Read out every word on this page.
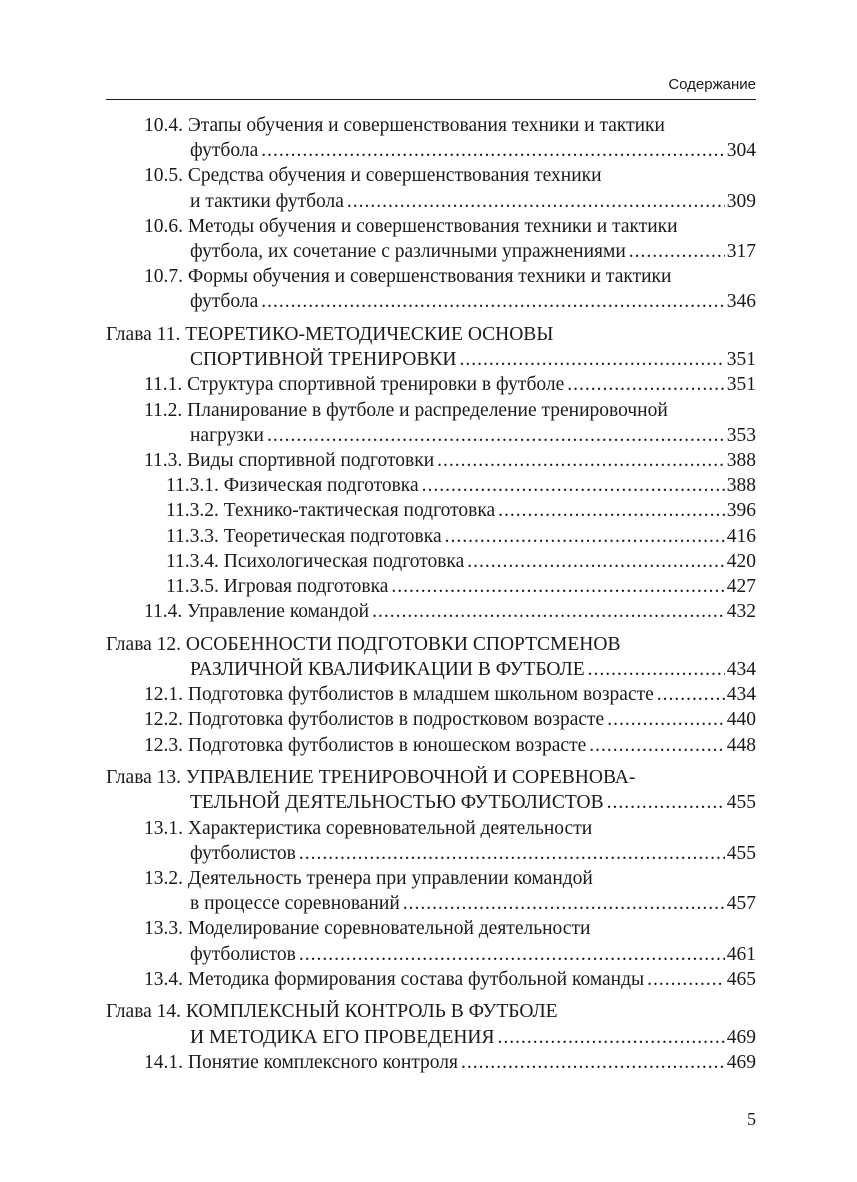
Содержание
10.4. Этапы обучения и совершенствования техники и тактики
футбола .....	304
10.5. Средства обучения и совершенствования техники
и тактики футбола .....	309
10.6. Методы обучения и совершенствования техники и тактики
футбола, их сочетание с различными упражнениями .....	317
10.7. Формы обучения и совершенствования техники и тактики
футбола .....	346
Глава 11. ТЕОРЕТИКО-МЕТОДИЧЕСКИЕ ОСНОВЫ
СПОРТИВНОЙ ТРЕНИРОВКИ .....	351
11.1. Структура спортивной тренировки в футболе .....	351
11.2. Планирование в футболе и распределение тренировочной
нагрузки .....	353
11.3. Виды спортивной подготовки .....	388
11.3.1. Физическая подготовка .....	388
11.3.2. Технико-тактическая подготовка .....	396
11.3.3. Теоретическая подготовка .....	416
11.3.4. Психологическая подготовка .....	420
11.3.5. Игровая подготовка .....	427
11.4. Управление командой .....	432
Глава 12. ОСОБЕННОСТИ ПОДГОТОВКИ СПОРТСМЕНОВ
РАЗЛИЧНОЙ КВАЛИФИКАЦИИ В ФУТБОЛЕ .....	434
12.1. Подготовка футболистов в младшем школьном возрасте .....	434
12.2. Подготовка футболистов в подростковом возрасте .....	440
12.3. Подготовка футболистов в юношеском возрасте .....	448
Глава 13. УПРАВЛЕНИЕ ТРЕНИРОВОЧНОЙ И СОРЕВНОВА-
ТЕЛЬНОЙ ДЕЯТЕЛЬНОСТЬЮ ФУТБОЛИСТОВ .....	455
13.1. Характеристика соревновательной деятельности
футболистов .....	455
13.2. Деятельность тренера при управлении командой
в процессе соревнований .....	457
13.3. Моделирование соревновательной деятельности
футболистов .....	461
13.4. Методика формирования состава футбольной команды .....	465
Глава 14. КОМПЛЕКСНЫЙ КОНТРОЛЬ В ФУТБОЛЕ
И МЕТОДИКА ЕГО ПРОВЕДЕНИЯ .....	469
14.1. Понятие комплексного контроля .....	469
5
